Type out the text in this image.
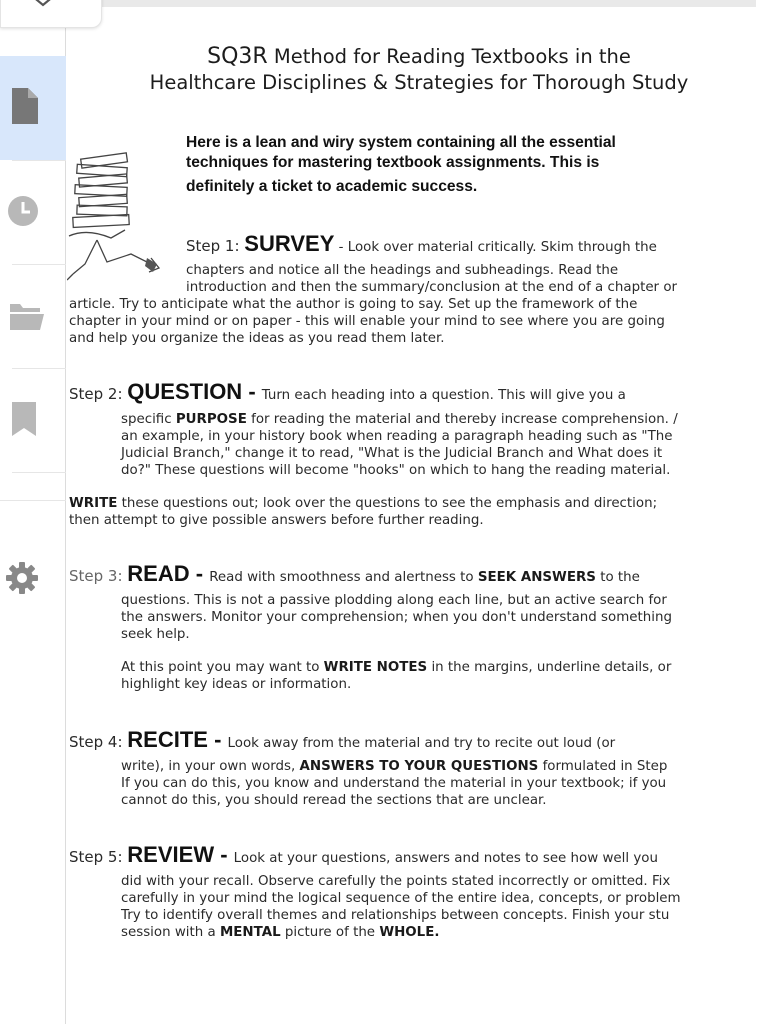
SQ3R Method for Reading Textbooks in the
Healthcare Disciplines & Strategies for Thorough Study
Here is a lean and wiry system containing all the essential
techniques for mastering textbook assignments. This is
definitely a ticket to academic success.
Step 1: SURVEY - Look over material critically. Skim through the
chapters and notice all the headings and subheadings. Read the
introduction and then the summary/conclusion at the end of a chapter or
article. Try to anticipate what the author is going to say. Set up the framework of the
chapter in your mind or on paper - this will enable your mind to see where you are going
and help you organize the ideas as you read them later.
Step 2: QUESTION - Turn each heading into a question. This will give you a
specific PURPOSE for reading the material and thereby increase comprehension. /
an example, in your history book when reading a paragraph heading such as "The
Judicial Branch," change it to read, "What is the Judicial Branch and What does it
do?" These questions will become "hooks" on which to hang the reading material.
WRITE these questions out; look over the questions to see the emphasis and direction;
then attempt to give possible answers before further reading.
Step 3: READ - Read with smoothness and alertness to SEEK ANSWERS to the
questions. This is not a passive plodding along each line, but an active search for
the answers. Monitor your comprehension; when you don't understand something
seek help.
At this point you may want to WRITE NOTES in the margins, underline details, or
highlight key ideas or information.
Step 4: RECITE - Look away from the material and try to recite out loud (or
write), in your own words, ANSWERS TO YOUR QUESTIONS formulated in Step
If you can do this, you know and understand the material in your textbook; if you
cannot do this, you should reread the sections that are unclear.
Step 5: REVIEW - Look at your questions, answers and notes to see how well you
did with your recall. Observe carefully the points stated incorrectly or omitted. Fix
carefully in your mind the logical sequence of the entire idea, concepts, or problem
Try to identify overall themes and relationships between concepts. Finish your stu
session with a MENTAL picture of the WHOLE.
